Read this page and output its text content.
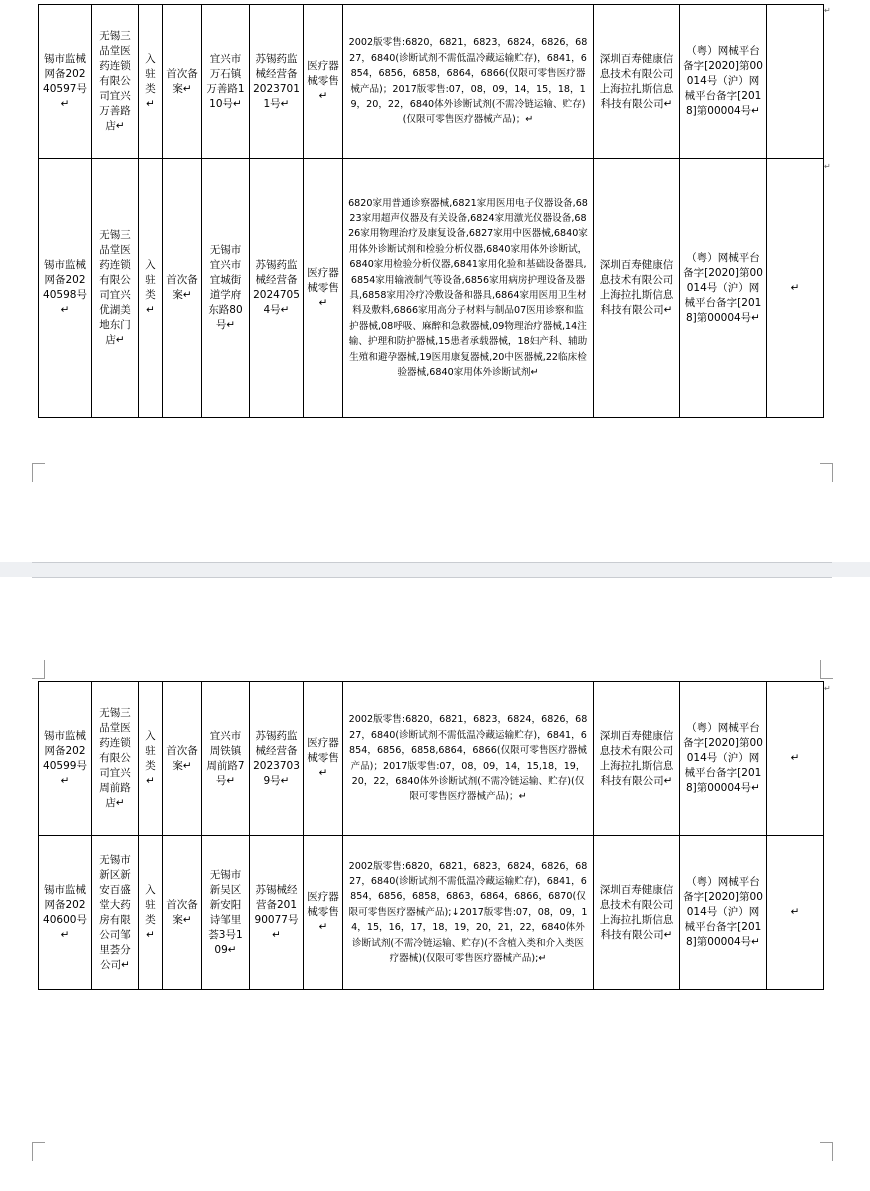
锡市监械网备20240597号↵	无锡三品堂医药连锁有限公司宜兴万善路店↵	入驻类↵	首次备案↵	宜兴市万石镇万善路110号↵	苏锡药监械经营备20237011号↵	医疗器械零售↵	2002版零售:6820，6821，6823，6824，6826，6827，6840(诊断试剂不需低温冷藏运输贮存)，6841，6854，6856，6858，6864，6866(仅限可零售医疗器械产品)；2017版零售:07，08，09，14，15，18，19，20，22，6840体外诊断试剂(不需冷链运输、贮存)(仅限可零售医疗器械产品)；↵	深圳百寿健康信息技术有限公司 上海拉扎斯信息科技有限公司↵	（粤）网械平台备字[2020]第00014号（沪）网械平台备字[2018]第00004号↵	
锡市监械网备20240598号↵	无锡三品堂医药连锁有限公司宜兴优湖美地东门店↵	入驻类↵	首次备案↵	无锡市宜兴市宜城街道学府东路80号↵	苏锡药监械经营备20247054号↵	医疗器械零售↵	6820家用普通诊察器械,6821家用医用电子仪器设备,6823家用超声仪器及有关设备,6824家用激光仪器设备,6826家用物理治疗及康复设备,6827家用中医器械,6840家用体外诊断试剂和检验分析仪器,6840家用体外诊断试，6840家用检验分析仪器,6841家用化验和基础设备器具,6854家用输液制气等设备,6856家用病房护理设备及器具,6858家用冷疗冷敷设备和器具,6864家用医用卫生材料及敷料,6866家用高分子材料与制品07医用诊察和监护器械,08呼吸、麻醉和急救器械,09物理治疗器械,14注输、护理和防护器械,15患者承载器械，18妇产科、辅助生殖和避孕器械,19医用康复器械,20中医器械,22临床检验器械,6840家用体外诊断试剂↵	深圳百寿健康信息技术有限公司 上海拉扎斯信息科技有限公司↵	（粤）网械平台备字[2020]第00014号（沪）网械平台备字[2018]第00004号↵	↵
↵
↵
锡市监械网备20240599号↵	无锡三品堂医药连锁有限公司宜兴周前路店↵	入驻类↵	首次备案↵	宜兴市周铁镇周前路7号↵	苏锡药监械经营备20237039号↵	医疗器械零售↵	2002版零售:6820，6821，6823，6824，6826，6827，6840(诊断试剂不需低温冷藏运输贮存)，6841，6854，6856，6858,6864，6866(仅限可零售医疗器械产品)；2017版零售:07，08，09，14，15,18，19，20，22，6840体外诊断试剂(不需冷链运输、贮存)(仅限可零售医疗器械产品)；↵	深圳百寿健康信息技术有限公司 上海拉扎斯信息科技有限公司↵	（粤）网械平台备字[2020]第00014号（沪）网械平台备字[2018]第00004号↵	↵
锡市监械网备20240600号↵	无锡市新区新安百盛堂大药房有限公司邹里荟分公司↵	入驻类↵	首次备案↵	无锡市新吴区新安阳诗邹里荟3号109↵	苏锡械经营备20190077号↵	医疗器械零售↵	2002版零售:6820，6821，6823，6824，6826，6827，6840(诊断试剂不需低温冷藏运输贮存)，6841，6854，6856，6858，6863，6864，6866，6870(仅限可零售医疗器械产品);↓2017版零售:07，08，09，14，15，16，17，18，19，20，21，22，6840体外诊断试剂(不需冷链运输、贮存)(不含植入类和介入类医疗器械)(仅限可零售医疗器械产品);↵	深圳百寿健康信息技术有限公司 上海拉扎斯信息科技有限公司↵	（粤）网械平台备字[2020]第00014号（沪）网械平台备字[2018]第00004号↵	↵
↵
